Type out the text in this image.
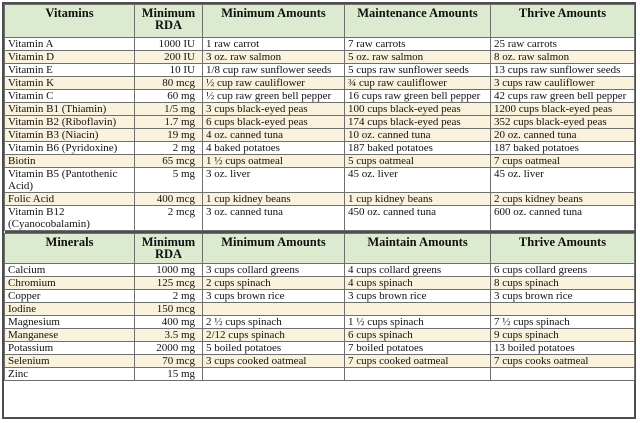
Vitamins	Minimum RDA	Minimum Amounts	Maintenance Amounts	Thrive Amounts
Vitamin A	1000 IU	1 raw carrot	7 raw carrots	25 raw carrots
Vitamin D	200 IU	3 oz. raw salmon	5 oz. raw salmon	8 oz. raw salmon
Vitamin E	10 IU	1/8 cup raw sunflower seeds	5 cups raw sunflower seeds	13 cups raw sunflower seeds
Vitamin K	80 mcg	½ cup raw cauliflower	¾ cup raw cauliflower	3 cups raw cauliflower
Vitamin C	60 mg	½ cup raw green bell pepper	16 cups raw green bell pepper	42 cups raw green bell pepper
Vitamin B1 (Thiamin)	1/5 mg	3 cups black-eyed peas	100 cups black-eyed peas	1200 cups black-eyed peas
Vitamin B2 (Riboflavin)	1.7 mg	6 cups black-eyed peas	174 cups black-eyed peas	352 cups black-eyed peas
Vitamin B3 (Niacin)	19 mg	4 oz. canned tuna	10 oz. canned tuna	20 oz. canned tuna
Vitamin B6 (Pyridoxine)	2 mg	4 baked potatoes	187 baked potatoes	187 baked potatoes
Biotin	65 mcg	1 ½ cups oatmeal	5 cups oatmeal	7 cups oatmeal
Vitamin B5 (Pantothenic Acid)	5 mg	3 oz. liver	45 oz. liver	45 oz. liver
Folic Acid	400 mcg	1 cup kidney beans	1 cup kidney beans	2 cups kidney beans
Vitamin B12 (Cyanocobalamin)	2 mcg	3 oz. canned tuna	450 oz. canned tuna	600 oz. canned tuna

Minerals	Minimum RDA	Minimum Amounts	Maintain Amounts	Thrive Amounts
Calcium	1000 mg	3 cups collard greens	4 cups collard greens	6 cups collard greens
Chromium	125 mcg	2 cups spinach	4 cups spinach	8 cups spinach
Copper	2 mg	3 cups brown rice	3 cups brown rice	3 cups brown rice
Iodine	150 mcg			
Magnesium	400 mg	2 ½ cups spinach	1 ½ cups spinach	7 ½ cups spinach
Manganese	3.5 mg	2/12 cups spinach	6 cups spinach	9 cups spinach
Potassium	2000 mg	5 boiled potatoes	7 boiled potatoes	13 boiled potatoes
Selenium	70 mcg	3 cups cooked oatmeal	7 cups cooked oatmeal	7 cups cooks oatmeal
Zinc	15 mg			
